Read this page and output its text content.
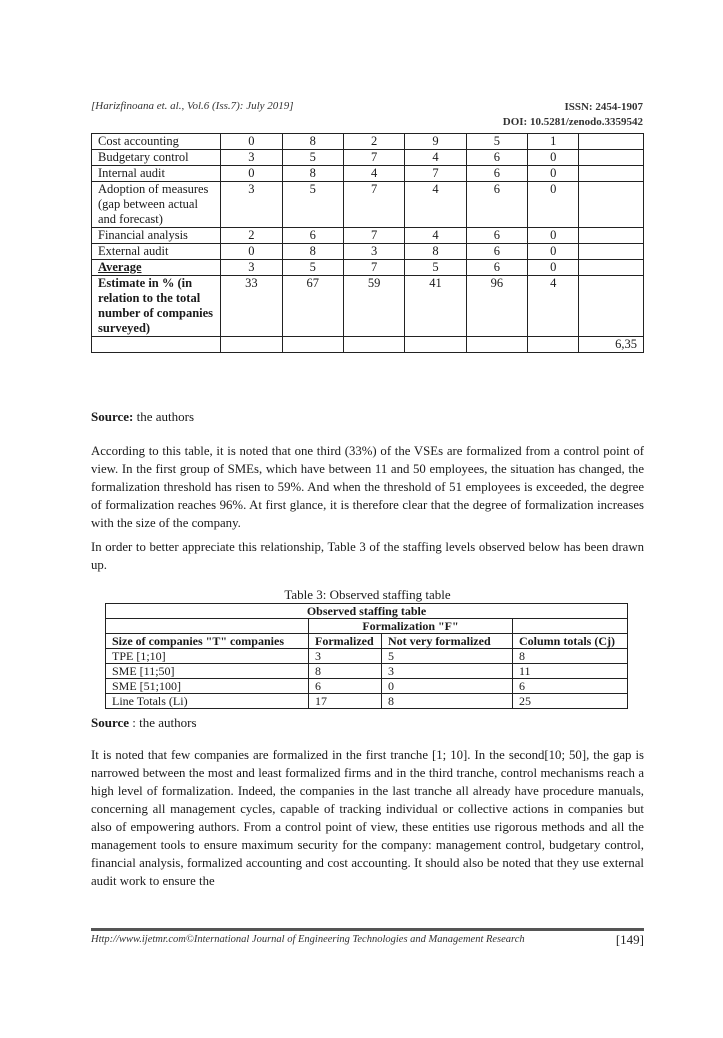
[Harizfinoana et. al., Vol.6 (Iss.7): July 2019]	ISSN: 2454-1907
DOI: 10.5281/zenodo.3359542
Cost accounting	0	8	2	9	5	1	
Budgetary control	3	5	7	4	6	0	
Internal audit	0	8	4	7	6	0	
Adoption of measures (gap between actual and forecast)	3	5	7	4	6	0	
Financial analysis	2	6	7	4	6	0	
External audit	0	8	3	8	6	0	
Average	3	5	7	5	6	0	
Estimate in % (in relation to the total number of companies surveyed)	33	67	59	41	96	4	
							6,35
Source: the authors
According to this table, it is noted that one third (33%) of the VSEs are formalized from a control point of view. In the first group of SMEs, which have between 11 and 50 employees, the situation has changed, the formalization threshold has risen to 59%. And when the threshold of 51 employees is exceeded, the degree of formalization reaches 96%. At first glance, it is therefore clear that the degree of formalization increases with the size of the company.
In order to better appreciate this relationship, Table 3 of the staffing levels observed below has been drawn up.
Table 3: Observed staffing table
Observed staffing table			
	Formalization "F"		
Size of companies "T" companies	Formalized	Not very formalized	Column totals (Cj)
TPE [1;10]	3	5	8
SME [11;50]	8	3	11
SME [51;100]	6	0	6
Line Totals (Li)	17	8	25
Source : the authors
It is noted that few companies are formalized in the first tranche [1; 10]. In the second[10; 50], the gap is narrowed between the most and least formalized firms and in the third tranche, control mechanisms reach a high level of formalization. Indeed, the companies in the last tranche all already have procedure manuals, concerning all management cycles, capable of tracking individual or collective actions in companies but also of empowering authors. From a control point of view, these entities use rigorous methods and all the management tools to ensure maximum security for the company: management control, budgetary control, financial analysis, formalized accounting and cost accounting. It should also be noted that they use external audit work to ensure the
Http://www.ijetmr.com©International Journal of Engineering Technologies and Management Research	[149]
